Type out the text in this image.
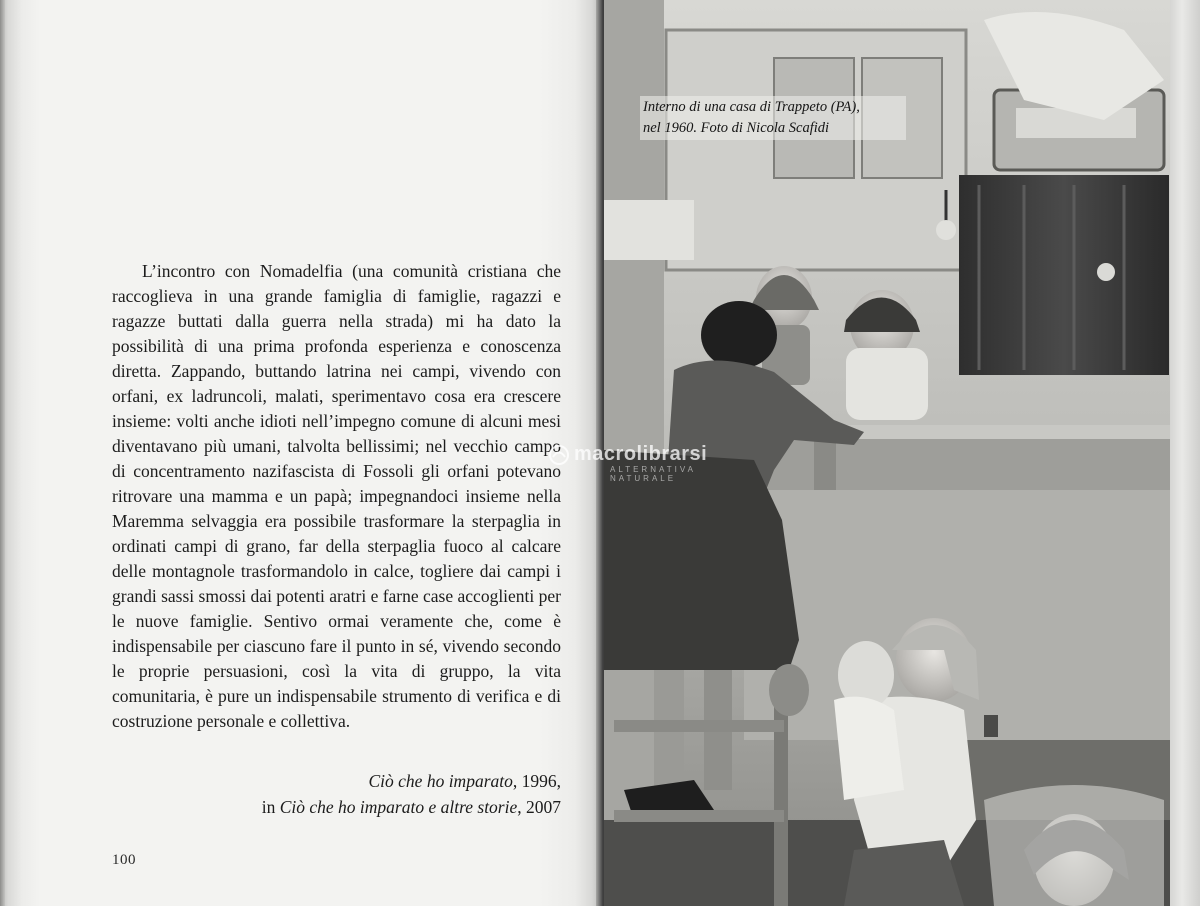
L’incontro con Nomadelfia (una comunità cristiana che raccoglieva in una grande famiglia di famiglie, ragazzi e ragazze buttati dalla guerra nella strada) mi ha dato la possibilità di una prima profonda esperienza e conoscenza diretta. Zappando, buttando latrina nei campi, vivendo con orfani, ex ladruncoli, malati, sperimentavo cosa era crescere insieme: volti anche idioti nell’impegno comune di alcuni mesi diventavano più umani, talvolta bellissimi; nel vecchio campo di concentramento nazifascista di Fossoli gli orfani potevano ritrovare una mamma e un papà; impegnandoci insieme nella Maremma selvaggia era possibile trasformare la sterpaglia in ordinati campi di grano, far della sterpaglia fuoco al calcare delle montagnole trasformandolo in calce, togliere dai campi i grandi sassi smossi dai potenti aratri e farne case accoglienti per le nuove famiglie. Sentivo ormai veramente che, come è indispensabile per ciascuno fare il punto in sé, vivendo secondo le proprie persuasioni, così la vita di gruppo, la vita comunitaria, è pure un indispensabile strumento di verifica e di costruzione personale e collettiva.

Ciò che ho imparato, 1996,
in Ciò che ho imparato e altre storie, 2007
100
Interno di una casa di Trappeto (PA),
nel 1960. Foto di Nicola Scafidi
macrolibrarsi
ALTERNATIVA NATURALE
